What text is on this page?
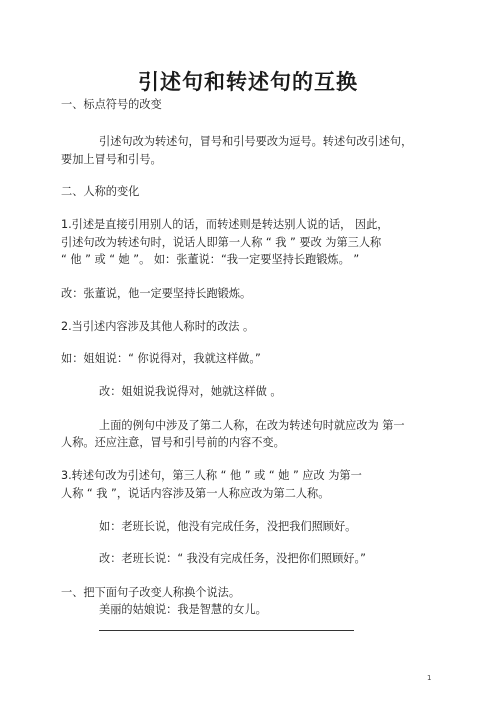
引述句和转述句的互换
一、标点符号的改变
引述句改为转述句，冒号和引号要改为逗号。转述句改引述句，
要加上冒号和引号。
二、人称的变化
1.引述是直接引用别人的话，而转述则是转达别人说的话， 因此，
引述句改为转述句时，说话人即第一人称 “ 我 ” 要改 为第三人称
“ 他 ” 或 “ 她 ”。 如：张董说：“我一定要坚持长跑锻炼。 ”
改：张董说，他一定要坚持长跑锻炼。
2.当引述内容涉及其他人称时的改法 。
如：姐姐说：“ 你说得对，我就这样做。”
改：姐姐说我说得对，她就这样做 。
上面的例句中涉及了第二人称，在改为转述句时就应改为 第一
人称。还应注意，冒号和引号前的内容不变。
3.转述句改为引述句，第三人称 “ 他 ” 或 “ 她 ” 应改 为第一
人称 “ 我 ”，说话内容涉及第一人称应改为第二人称。
如：老班长说，他没有完成任务，没把我们照顾好。
改：老班长说：“ 我没有完成任务，没把你们照顾好。”
一、把下面句子改变人称换个说法。
美丽的姑娘说：我是智慧的女儿。
1
